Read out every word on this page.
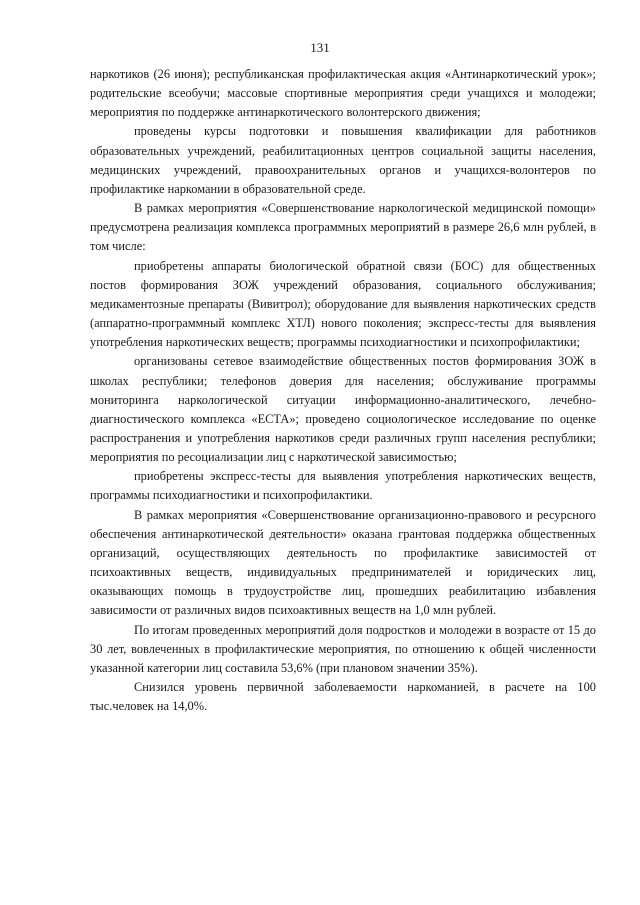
131

наркотиков (26 июня); республиканская профилактическая акция «Антинаркотический урок»; родительские всеобучи; массовые спортивные мероприятия среди учащихся и молодежи; мероприятия по поддержке антинаркотического волонтерского движения;

проведены курсы подготовки и повышения квалификации для работников образовательных учреждений, реабилитационных центров социальной защиты населения, медицинских учреждений, правоохранительных органов и учащихся-волонтеров по профилактике наркомании в образовательной среде.

В рамках мероприятия «Совершенствование наркологической медицинской помощи» предусмотрена реализация комплекса программных мероприятий в размере 26,6 млн рублей, в том числе:

приобретены аппараты биологической обратной связи (БОС) для общественных постов формирования ЗОЖ учреждений образования, социального обслуживания; медикаментозные препараты (Вивитрол); оборудование для выявления наркотических средств (аппаратно-программный комплекс ХТЛ) нового поколения; экспресс-тесты для выявления употребления наркотических веществ; программы психодиагностики и психопрофилактики;

организованы сетевое взаимодействие общественных постов формирования ЗОЖ в школах республики; телефонов доверия для населения; обслуживание программы мониторинга наркологической ситуации информационно-аналитического, лечебно-диагностического комплекса «ЕСТА»; проведено социологическое исследование по оценке распространения и употребления наркотиков среди различных групп населения республики; мероприятия по ресоциализации лиц с наркотической зависимостью;

приобретены экспресс-тесты для выявления употребления наркотических веществ, программы психодиагностики и психопрофилактики.

В рамках мероприятия «Совершенствование организационно-правового и ресурсного обеспечения антинаркотической деятельности» оказана грантовая поддержка общественных организаций, осуществляющих деятельность по профилактике зависимостей от психоактивных веществ, индивидуальных предпринимателей и юридических лиц, оказывающих помощь в трудоустройстве лиц, прошедших реабилитацию избавления зависимости от различных видов психоактивных веществ на 1,0 млн рублей.

По итогам проведенных мероприятий доля подростков и молодежи в возрасте от 15 до 30 лет, вовлеченных в профилактические мероприятия, по отношению к общей численности указанной категории лиц составила 53,6% (при плановом значении 35%).

Снизился уровень первичной заболеваемости наркоманией, в расчете на 100 тыс.человек на 14,0%.
